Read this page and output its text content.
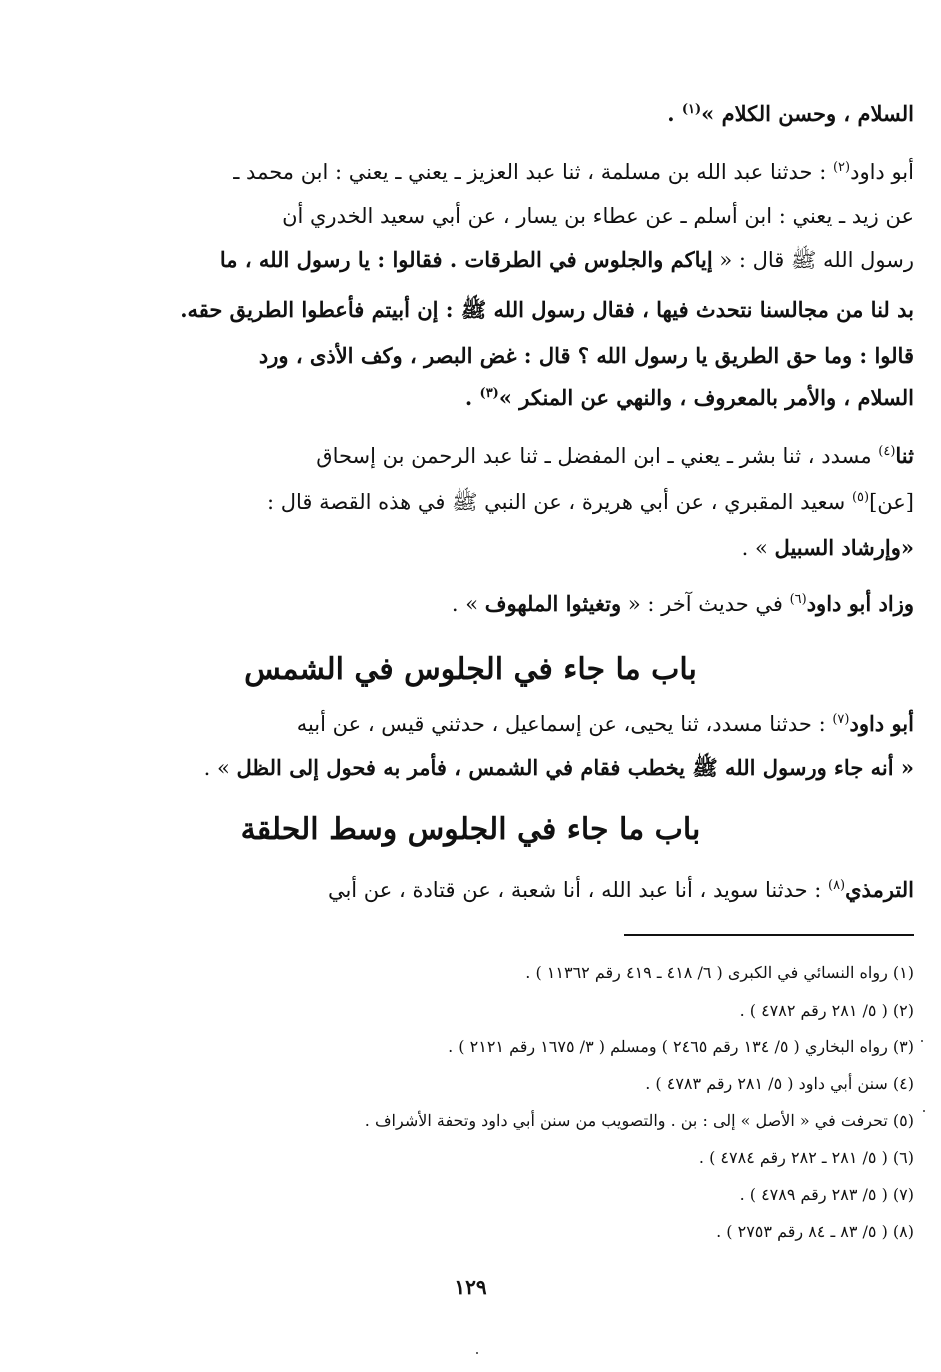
السلام ، وحسن الكلام »$^{(١)}$ .
أبو داود$^{(٢)}$ : حدثنا عبد الله بن مسلمة ، ثنا عبد العزيز ـ يعني ـ يعني : ابن محمد ـ
عن زيد ـ يعني : ابن أسلم ـ عن عطاء بن يسار ، عن أبي سعيد الخدري أن
رسول الله ﷺ قال : « إياكم والجلوس في الطرقات . فقالوا : يا رسول الله ، ما
بد لنا من مجالسنا نتحدث فيها ، فقال رسول الله ﷺ : إن أبيتم فأعطوا الطريق حقه.
قالوا : وما حق الطريق يا رسول الله ؟ قال : غض البصر ، وكف الأذى ، ورد
السلام ، والأمر بالمعروف ، والنهي عن المنكر »$^{(٣)}$ .
ثنا$^{(٤)}$ مسدد ، ثنا بشر ـ يعني ـ ابن المفضل ـ ثنا عبد الرحمن بن إسحاق
[عن]$^{(٥)}$ سعيد المقبري ، عن أبي هريرة ، عن النبي ﷺ في هذه القصة قال :
«وإرشاد السبيل » .
وزاد أبو داود$^{(٦)}$ في حديث آخر : « وتغيثوا الملهوف » .
باب ما جاء في الجلوس في الشمس
أبو داود$^{(٧)}$ : حدثنا مسدد، ثنا يحيى، عن إسماعيل ، حدثني قيس ، عن أبيه
« أنه جاء ورسول الله ﷺ يخطب فقام في الشمس ، فأمر به فحول إلى الظل » .
باب ما جاء في الجلوس وسط الحلقة
الترمذي$^{(٨)}$ : حدثنا سويد ، أنا عبد الله ، أنا شعبة ، عن قتادة ، عن أبي
(١) رواه النسائي في الكبرى ( ٦/ ٤١٨ ـ ٤١٩ رقم ١١٣٦٢ ) .
(٢) ( ٥/ ٢٨١ رقم ٤٧٨٢ ) .
(٣) رواه البخاري ( ٥/ ١٣٤ رقم ٢٤٦٥ ) ومسلم ( ٣/ ١٦٧٥ رقم ٢١٢١ ) .
(٤) سنن أبي داود ( ٥/ ٢٨١ رقم ٤٧٨٣ ) .
(٥) تحرفت في « الأصل » إلى : بن . والتصويب من سنن أبي داود وتحفة الأشراف .
(٦) ( ٥/ ٢٨١ ـ ٢٨٢ رقم ٤٧٨٤ ) .
(٧) ( ٥/ ٢٨٣ رقم ٤٧٨٩ ) .
(٨) ( ٥/ ٨٣ ـ ٨٤ رقم ٢٧٥٣ ) .
١٢٩
